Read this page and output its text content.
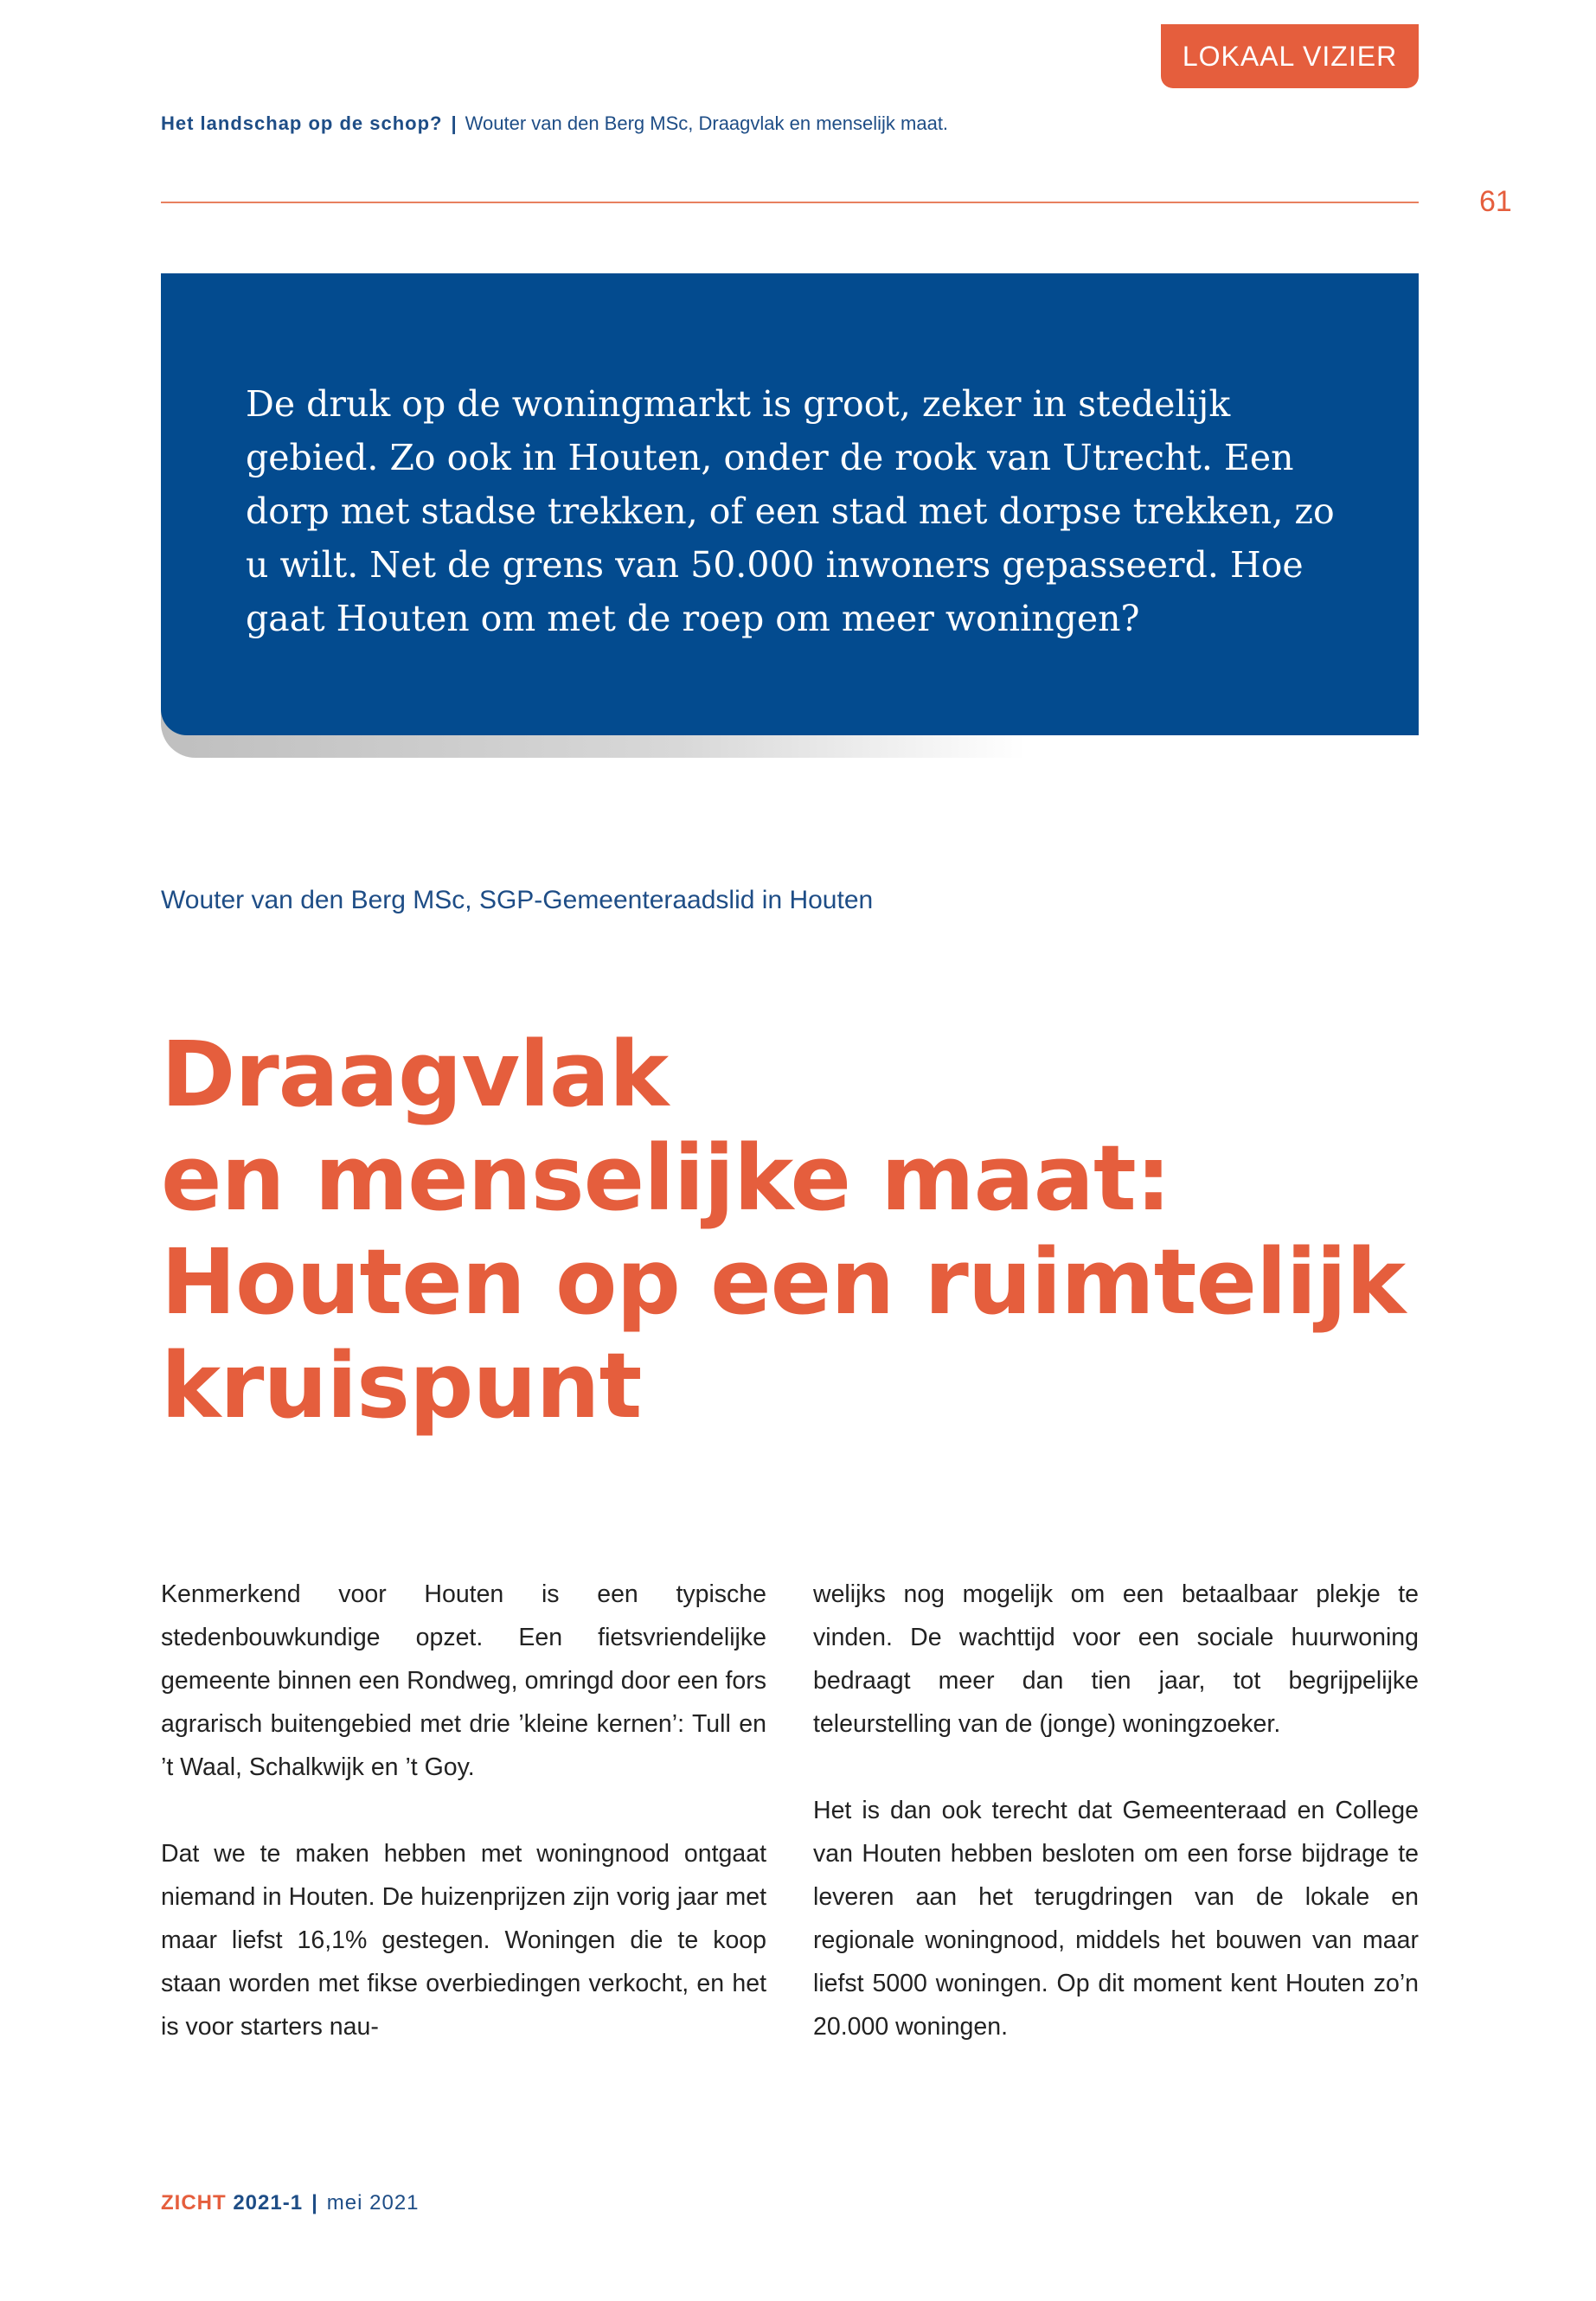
LOKAAL VIZIER
Het landschap op de schop? | Wouter van den Berg MSc, Draagvlak en menselijk maat.
61

De druk op de woningmarkt is groot, zeker in stedelijk gebied. Zo ook in Houten, onder de rook van Utrecht. Een dorp met stadse trekken, of een stad met dorpse trekken, zo u wilt. Net de grens van 50.000 inwoners gepasseerd. Hoe gaat Houten om met de roep om meer woningen?

Wouter van den Berg MSc, SGP-Gemeenteraadslid in Houten
Draagvlak
en menselijke maat:
Houten op een ruimtelijk
kruispunt

Kenmerkend voor Houten is een typische stedenbouwkundige opzet. Een fietsvriendelijke gemeente binnen een Rondweg, omringd door een fors agrarisch buitengebied met drie ’kleine kernen’: Tull en ’t Waal, Schalkwijk en ’t Goy.

Dat we te maken hebben met woningnood ontgaat niemand in Houten. De huizenprijzen zijn vorig jaar met maar liefst 16,1% gestegen. Woningen die te koop staan worden met fikse overbiedingen verkocht, en het is voor starters nau-

welijks nog mogelijk om een betaalbaar plekje te vinden. De wachttijd voor een sociale huurwoning bedraagt meer dan tien jaar, tot begrijpelijke teleurstelling van de (jonge) woningzoeker.

Het is dan ook terecht dat Gemeenteraad en College van Houten hebben besloten om een forse bijdrage te leveren aan het terugdringen van de lokale en regionale woningnood, middels het bouwen van maar liefst 5000 woningen. Op dit moment kent Houten zo’n 20.000 woningen.

ZICHT 2021-1 | mei 2021
